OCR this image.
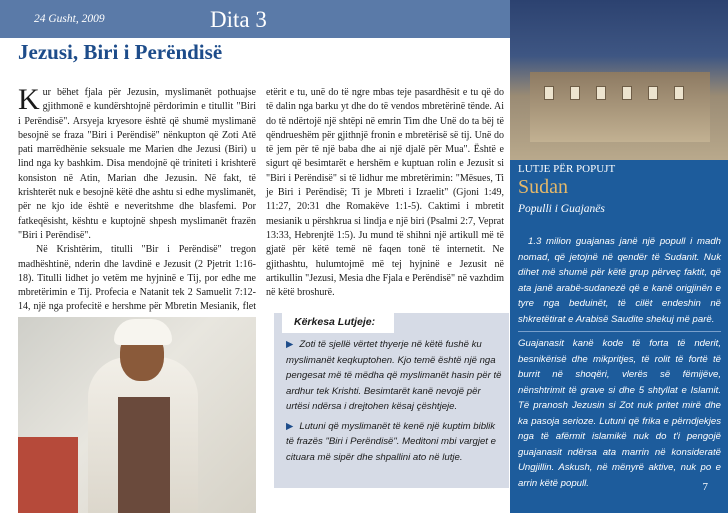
24 Gusht, 2009	Dita 3
Jezusi, Biri i Perëndisë

Kur bëhet fjala për Jezusin, myslimanët pothuajse gjithmonë e kundërshtojnë përdorimin e titullit "Biri i Perëndisë". Arsyeja kryesore është që shumë myslimanë besojnë se fraza "Biri i Perëndisë" nënkupton që Zoti Atë pati marrëdhënie seksuale me Marien dhe Jezusi (Biri) u lind nga ky bashkim. Disa mendojnë që triniteti i krishterë konsiston në Atin, Marian dhe Jezusin. Në fakt, të krishterët nuk e besojnë këtë dhe ashtu si edhe myslimanët, për ne kjo ide është e neveritshme dhe blasfemi. Por fatkeqësisht, kështu e kuptojnë shpesh myslimanët frazën "Biri i Perëndisë".

Në Krishtërim, titulli "Bir i Perëndisë" tregon madhështinë, nderin dhe lavdinë e Jezusit (2 Pjetrit 1:16-18). Titulli lidhet jo vetëm me hyjninë e Tij, por edhe me mbretërimin e Tij. Profecia e Natanit tek 2 Samuelit 7:12-14, një nga profecitë e hershme për Mbretin Mesianik, flet

etërit e tu, unë do të ngre mbas teje pasardhësit e tu që do të dalin nga barku yt dhe do të vendos mbretërinë tënde. Ai do të ndërtojë një shtëpi në emrin Tim dhe Unë do ta bëj të qëndrueshëm për gjithnjë fronin e mbretërisë së tij. Unë do të jem për të një baba dhe ai një djalë për Mua". Është e sigurt që besimtarët e hershëm e kuptuan rolin e Jezusit si "Biri i Perëndisë" si të lidhur me mbretërimin: "Mësues, Ti je Biri i Perëndisë; Ti je Mbreti i Izraelit" (Gjoni 1:49, 11:27, 20:31 dhe Romakëve 1:1-5). Caktimi i mbretit mesianik u përshkrua si lindja e një biri (Psalmi 2:7, Veprat 13:33, Hebrenjtë 1:5). Ju mund të shihni një artikull më të gjatë për këtë temë në faqen tonë të internetit. Ne gjithashtu, hulumtojmë më tej hyjninë e Jezusit në artikullin "Jezusi, Mesia dhe Fjala e Perëndisë" në vazhdim në këtë broshurë.

Kërkesa Lutjeje:

▶ Zoti të sjellë vërtet thyerje në këtë fushë ku myslimanët keqkuptohen. Kjo temë është një nga pengesat më të mëdha që myslimanët hasin për të ardhur tek Krishti. Besimtarët kanë nevojë për urtësi ndërsa i drejtohen kësaj çështjeje.

▶ Lutuni që myslimanët të kenë një kuptim biblik të frazës "Biri i Perëndisë". Meditoni mbi vargjet e cituara më sipër dhe shpallini ato në lutje.

LUTJE PËR POPUJT
Sudan
Populli i Guajanës

1.3 milion guajanas janë një popull i madh nomad, që jetojnë në qendër të Sudanit. Nuk dihet më shumë për këtë grup përveç faktit, që ata janë arabë-sudanezë që e kanë origjinën e tyre nga beduinët, të cilët endeshin në shkretëtirat e Arabisë Saudite shekuj më parë.

Guajanasit kanë kode të forta të nderit, besnikërisë dhe mikpritjes, të rolit të fortë të burrit në shoqëri, vlerës së fëmijëve, nënshtrimit të grave si dhe 5 shtyllat e Islamit. Të pranosh Jezusin si Zot nuk pritet mirë dhe ka pasoja serioze. Lutuni që frika e përndjekjes nga të afërmit islamikë nuk do t'i pengojë guajanasit ndërsa ata marrin në konsideratë Ungjillin. Askush, në mënyrë aktive, nuk po e arrin këtë popull.	7
